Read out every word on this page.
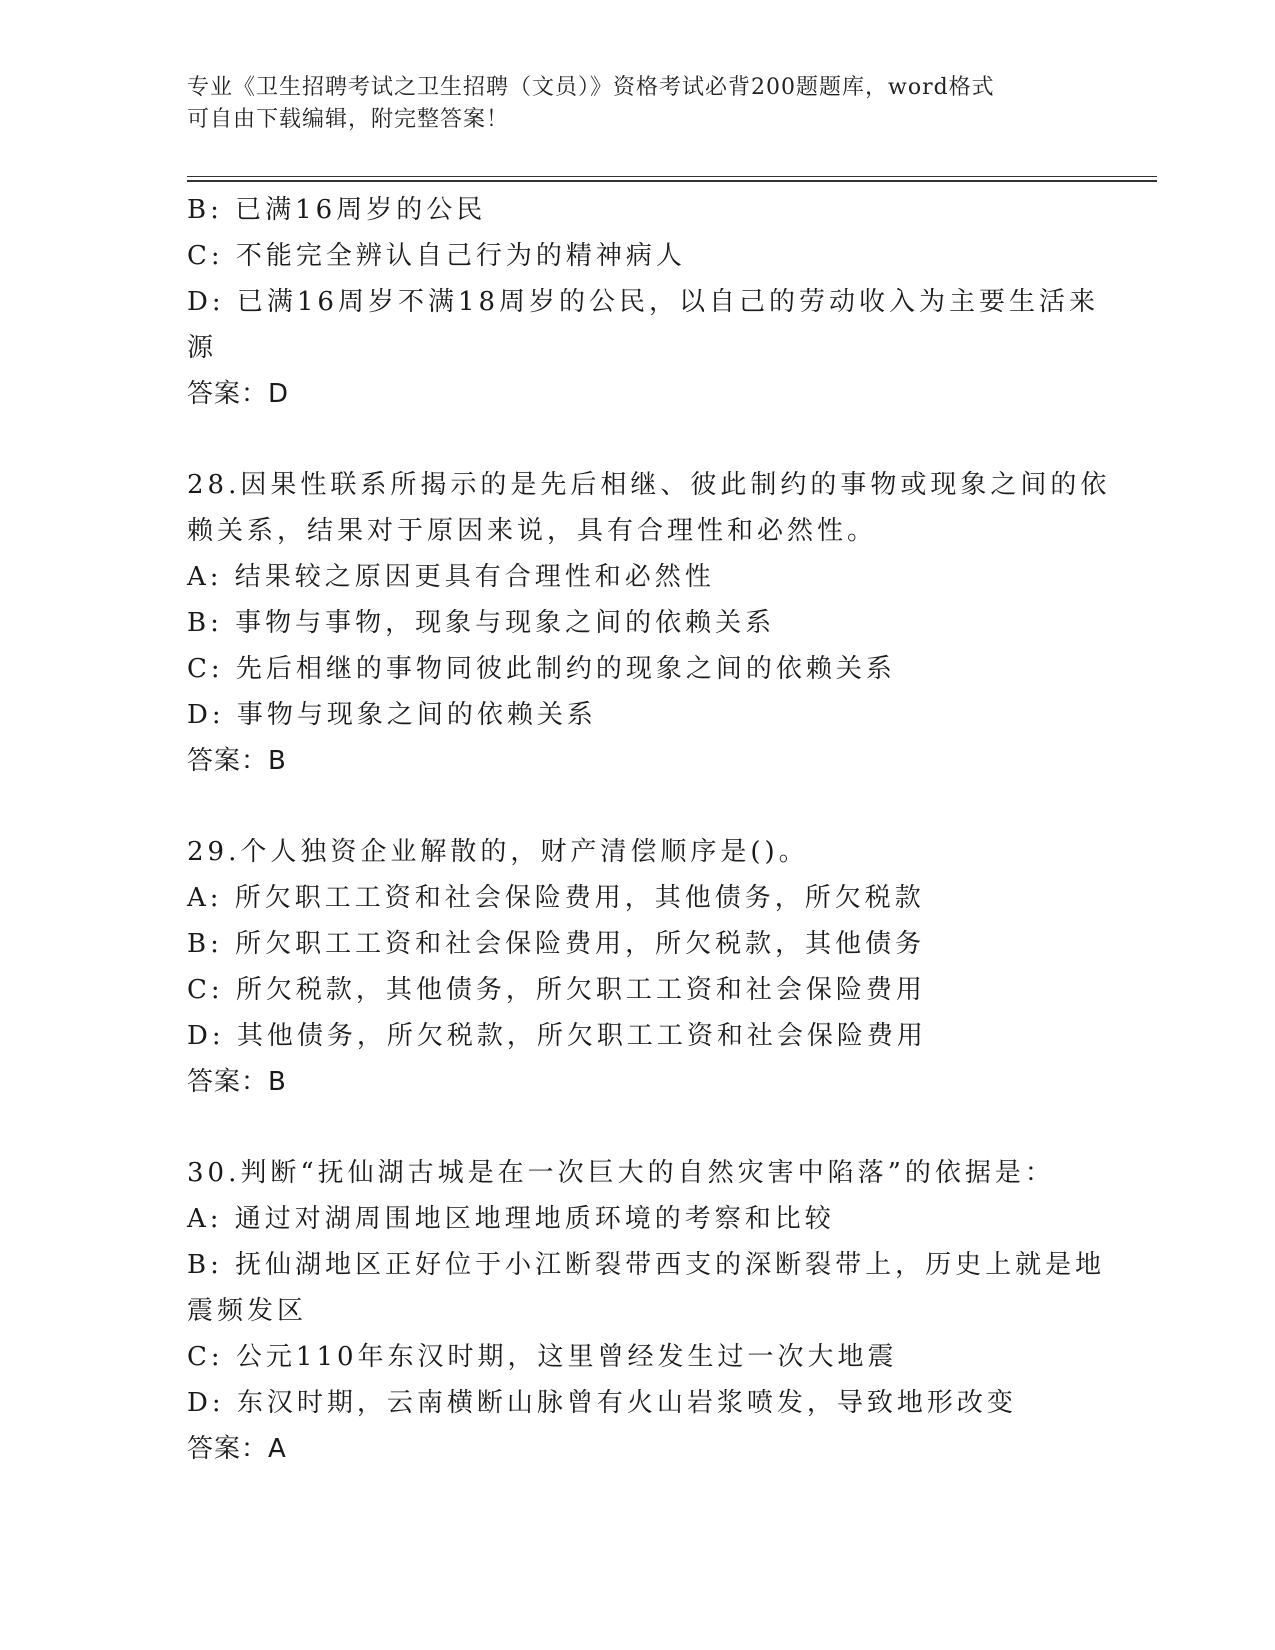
专业《卫生招聘考试之卫生招聘（文员）》资格考试必背200题题库，word格式
可自由下载编辑，附完整答案！
B: 已满16周岁的公民
C: 不能完全辨认自己行为的精神病人
D: 已满16周岁不满18周岁的公民，以自己的劳动收入为主要生活来
源
答案：D
28.因果性联系所揭示的是先后相继、彼此制约的事物或现象之间的依
赖关系，结果对于原因来说，具有合理性和必然性。
A: 结果较之原因更具有合理性和必然性
B: 事物与事物，现象与现象之间的依赖关系
C: 先后相继的事物同彼此制约的现象之间的依赖关系
D: 事物与现象之间的依赖关系
答案：B
29.个人独资企业解散的，财产清偿顺序是()。
A: 所欠职工工资和社会保险费用，其他债务，所欠税款
B: 所欠职工工资和社会保险费用，所欠税款，其他债务
C: 所欠税款，其他债务，所欠职工工资和社会保险费用
D: 其他债务，所欠税款，所欠职工工资和社会保险费用
答案：B
30.判断“抚仙湖古城是在一次巨大的自然灾害中陷落”的依据是：
A: 通过对湖周围地区地理地质环境的考察和比较
B: 抚仙湖地区正好位于小江断裂带西支的深断裂带上，历史上就是地
震频发区
C: 公元110年东汉时期，这里曾经发生过一次大地震
D: 东汉时期，云南横断山脉曾有火山岩浆喷发，导致地形改变
答案：A
